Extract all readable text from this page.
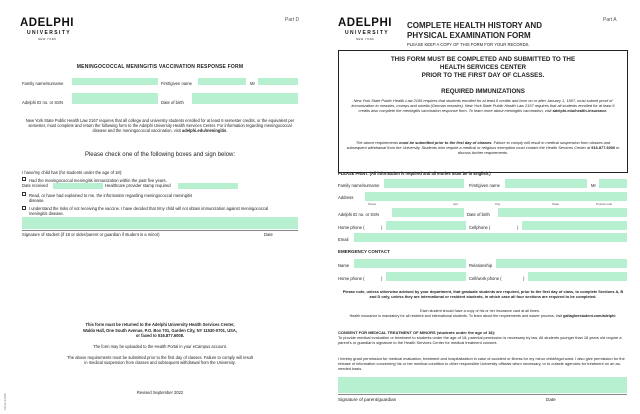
ADELPHI
UNIVERSITY
NEW YORK
Part D
MENINGOCOCCAL MENINGITIS VACCINATION RESPONSE FORM
Family name/surname	First/given name	MI
Adelphi ID no. or SSN	Date of birth
New York State Public Health Law 2167 requires that all college and university students enrolled for at least 6 semester credits, or the equivalent per semester, must complete and return the following form to the Adelphi University Health Services Center. For information regarding meningococcal disease and the meningococcal vaccination, visit adelphi.edu/meningitis.
Please check one of the following boxes and sign below:
I have/my child has (for students under the age of 18):
Had the meningococcal meningitis immunization within the past five years.
Date received	Healthcare provider stamp required
Read, or have had explained to me, the information regarding meningococcal meningitis
disease.
I understand the risks of not receiving the vaccine. I have decided that I/my child will not obtain immunization against meningococcal meningitis disease.
Signature of student (if 18 or older/parent or guardian if student is a minor)	Date
This form must be returned to the Adelphi University Health Services Center,
Waldo Hall, One South Avenue, P.O. Box 701, Garden City, NY 11530-0701, USA,
or faxed to 516.877.6008.
The form may be uploaded to the Health Portal in your eCampus account.
The above requirements must be submitted prior to the first day of classes. Failure to comply will result in medical suspension from classes and subsequent withdrawal from the University.
Revised September 2022
10/22-23180
ADELPHI
UNIVERSITY
NEW YORK
Part A
COMPLETE HEALTH HISTORY AND
PHYSICAL EXAMINATION FORM
PLEASE KEEP A COPY OF THIS FORM FOR YOUR RECORDS.
THIS FORM MUST BE COMPLETED AND SUBMITTED TO THE
HEALTH SERVICES CENTER
PRIOR TO THE FIRST DAY OF CLASSES.
REQUIRED IMMUNIZATIONS
New York State Public Health Law 2165 requires that students enrolled for at least 6 credits and born on or after January 1, 1957, must submit proof of immunization to measles, mumps and rubella (German measles). New York State Public Health Law 2167 requires that all students enrolled for at least 6 credits also complete the meningitis vaccination response form. To learn more about meningitis vaccination, visit adelphi.edu/health-insurance.
The above requirements must be submitted prior to the first day of classes. Failure to comply will result in medical suspension from classes and subsequent withdrawal from the University. Students who require a medical or religious exemption must contact the Health Services Center at 516.877.6000 to discuss further requirements.
PLEASE PRINT. (All information is required and all entries must be in English.)
Family name/surname	First/given name	MI
Address
Street	Apt.	City	State	Postal code
Adelphi ID no. or SSN	Date of birth
Home phone (	)	Cellphone (	)
Email
EMERGENCY CONTACT
Name	Relationship
Home phone (	)	Cell/work phone (	)
Please note, unless otherwise advised by your department, that graduate students are required, prior to the first day of class, to complete Sections A, B and D only, unless they are international or resident students, in which case all four sections are required to be completed.
Each student should have a copy of his or her insurance card at all times.
Health insurance is mandatory for all resident and international students. To learn about the requirements and waiver process, visit gallagherstudent.com/adelphi.
CONSENT FOR MEDICAL TREATMENT OF MINORS (students under the age of 18):
To provide medical evaluation or treatment to students under the age of 18, parental permission is necessary by law. All students younger than 18 years old require a parent's or guardian's signature to the Health Services Center for medical treatment consent.
I hereby grant permission for medical evaluation, treatment and hospitalization in case of accident or illness for my minor child/legal ward. I also give permission for the release of information concerning his or her medical condition to other responsible University officials when necessary, or to outside agencies for treatment on an as-needed basis.
Signature of parent/guardian	Date
